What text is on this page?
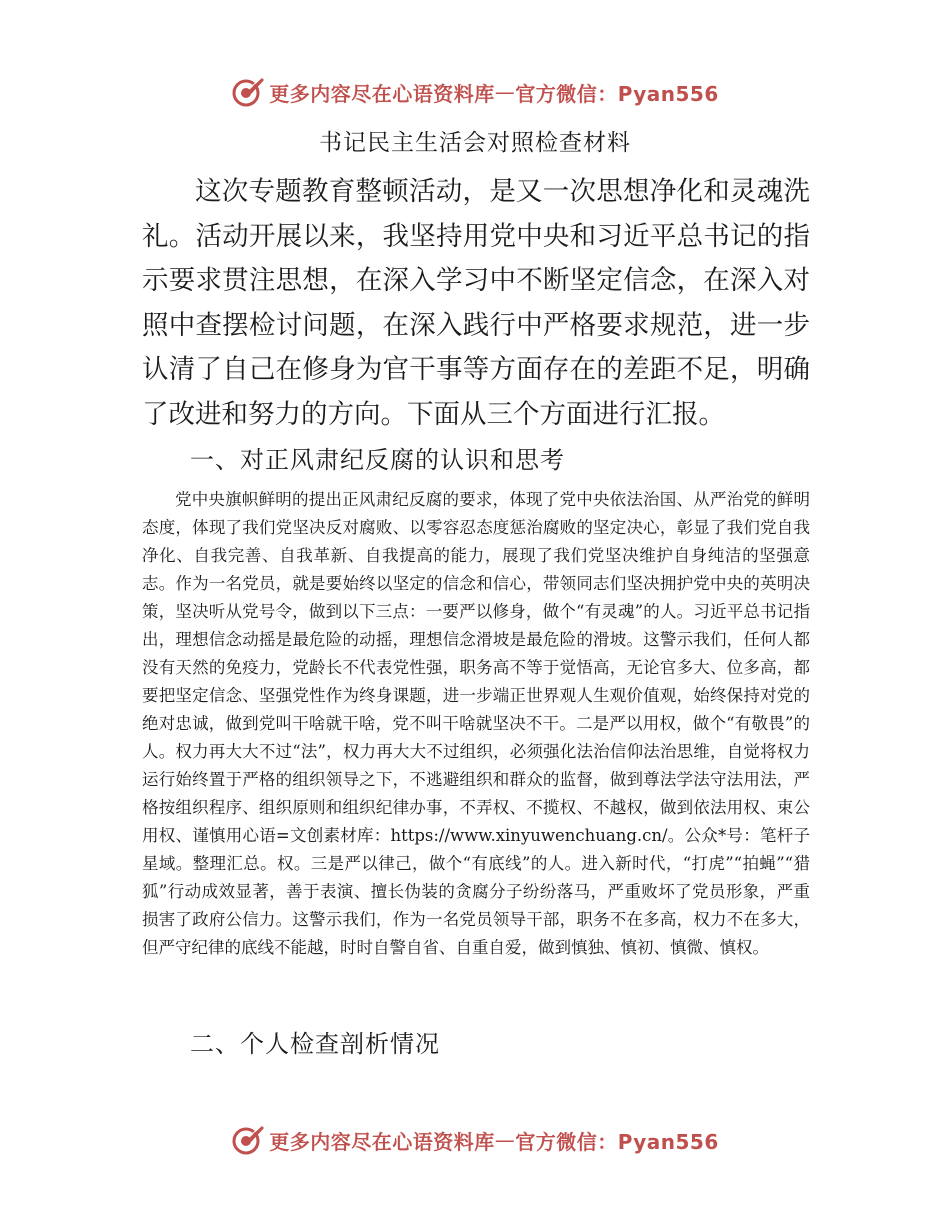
更多内容尽在心语资料库 — 官方微信：Pyan556
书记民主生活会对照检查材料

这次专题教育整顿活动，是又一次思想净化和灵魂洗礼。活动开展以来，我坚持用党中央和习近平总书记的指示要求贯注思想，在深入学习中不断坚定信念，在深入对照中查摆检讨问题，在深入践行中严格要求规范，进一步认清了自己在修身为官干事等方面存在的差距不足，明确了改进和努力的方向。下面从三个方面进行汇报。

一、对正风肃纪反腐的认识和思考

党中央旗帜鲜明的提出正风肃纪反腐的要求，体现了党中央依法治国、从严治党的鲜明态度，体现了我们党坚决反对腐败、以零容忍态度惩治腐败的坚定决心，彰显了我们党自我净化、自我完善、自我革新、自我提高的能力，展现了我们党坚决维护自身纯洁的坚强意志。作为一名党员，就是要始终以坚定的信念和信心，带领同志们坚决拥护党中央的英明决策，坚决听从党号令，做到以下三点：一要严以修身，做个“有灵魂”的人。习近平总书记指出，理想信念动摇是最危险的动摇，理想信念滑坡是最危险的滑坡。这警示我们，任何人都没有天然的免疫力，党龄长不代表党性强，职务高不等于觉悟高，无论官多大、位多高，都要把坚定信念、坚强党性作为终身课题，进一步端正世界观人生观价值观，始终保持对党的绝对忠诚，做到党叫干啥就干啥，党不叫干啥就坚决不干。二是严以用权，做个“有敬畏”的人。权力再大大不过“法”，权力再大大不过组织，必须强化法治信仰法治思维，自觉将权力运行始终置于严格的组织领导之下，不逃避组织和群众的监督，做到尊法学法守法用法，严格按组织程序、组织原则和组织纪律办事，不弄权、不揽权、不越权，做到依法用权、束公用权、谨慎用心语=文创素材库：https://www.xinyuwenchuang.cn/。公众*号：笔杆子星域。整理汇总。权。三是严以律己，做个“有底线”的人。进入新时代，“打虎”“拍蝇”“猎狐”行动成效显著，善于表演、擅长伪装的贪腐分子纷纷落马，严重败坏了党员形象，严重损害了政府公信力。这警示我们，作为一名党员领导干部，职务不在多高，权力不在多大，但严守纪律的底线不能越，时时自警自省、自重自爱，做到慎独、慎初、慎微、慎权。

二、个人检查剖析情况
更多内容尽在心语资料库 — 官方微信：Pyan556
